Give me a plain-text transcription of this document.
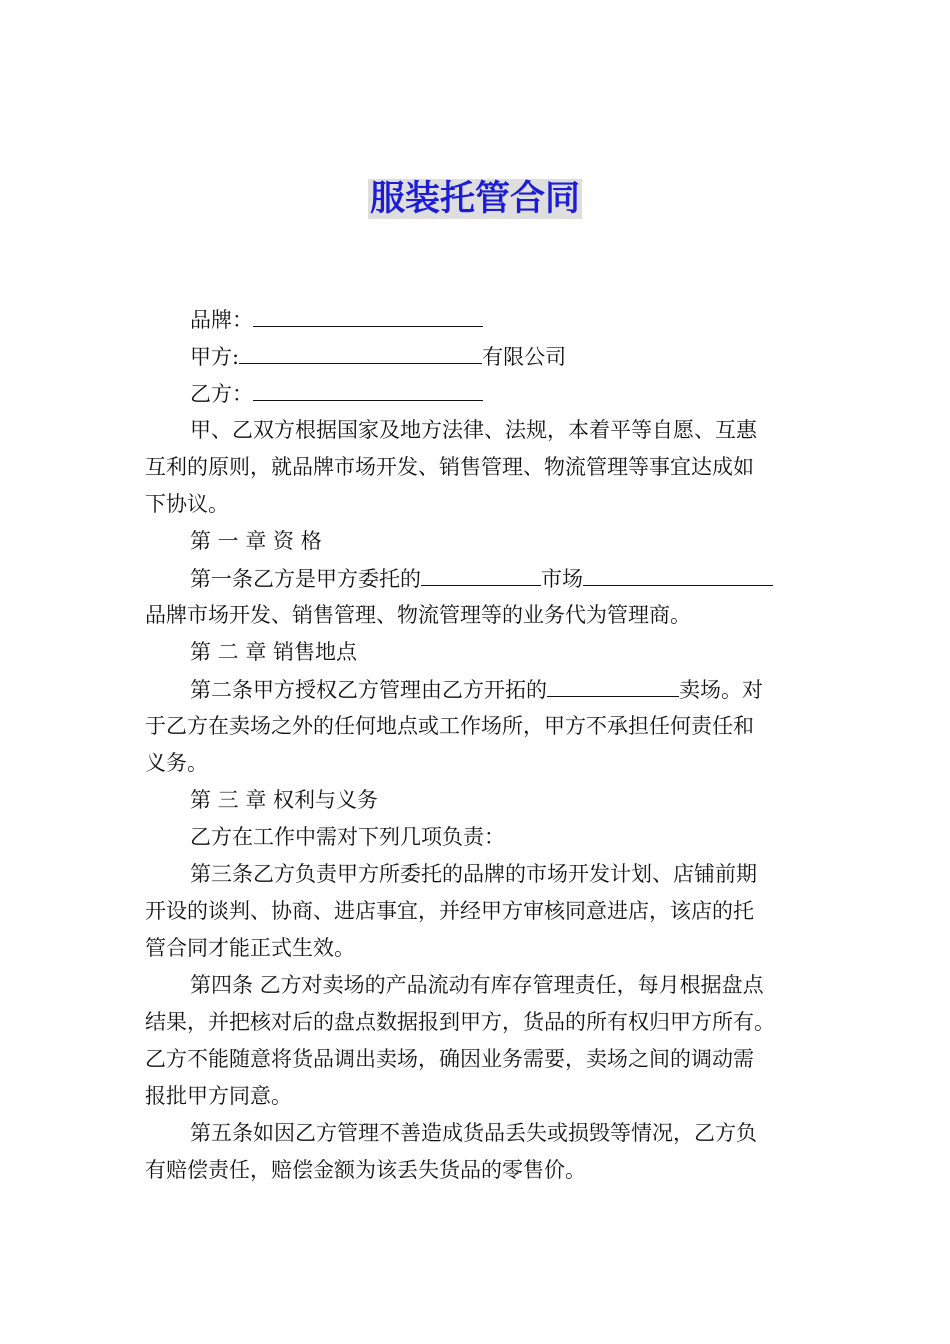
服装托管合同
品牌：
甲方:	有限公司
乙方：
甲、乙双方根据国家及地方法律、法规，本着平等自愿、互惠
互利的原则，就品牌市场开发、销售管理、物流管理等事宜达成如
下协议。
第 一 章 资 格
第一条乙方是甲方委托的	市场
品牌市场开发、销售管理、物流管理等的业务代为管理商。
第 二 章 销售地点
第二条甲方授权乙方管理由乙方开拓的	卖场。对
于乙方在卖场之外的任何地点或工作场所，甲方不承担任何责任和
义务。
第 三 章 权利与义务
乙方在工作中需对下列几项负责：
第三条乙方负责甲方所委托的品牌的市场开发计划、店铺前期
开设的谈判、协商、进店事宜，并经甲方审核同意进店，该店的托
管合同才能正式生效。
第四条 乙方对卖场的产品流动有库存管理责任，每月根据盘点
结果，并把核对后的盘点数据报到甲方，货品的所有权归甲方所有。
乙方不能随意将货品调出卖场，确因业务需要，卖场之间的调动需
报批甲方同意。
第五条如因乙方管理不善造成货品丢失或损毁等情况，乙方负
有赔偿责任，赔偿金额为该丢失货品的零售价。
